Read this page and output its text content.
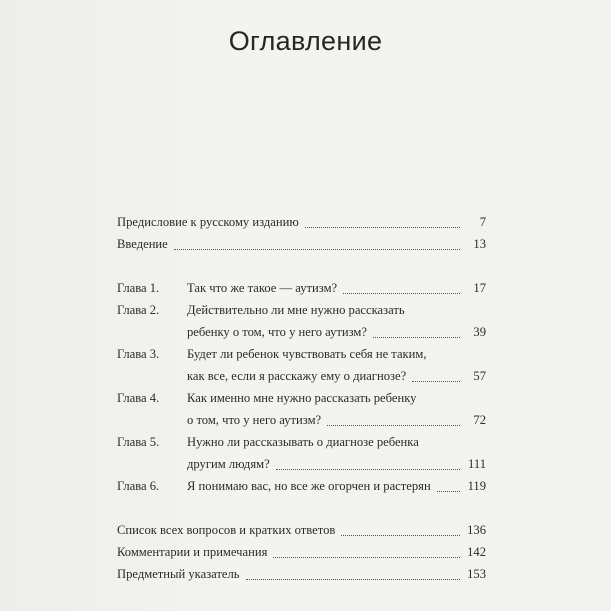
Оглавление
Предисловие к русскому изданию	7
Введение	13
Глава 1.	Так что же такое — аутизм?	17
Глава 2.	Действительно ли мне нужно рассказать
ребенку о том, что у него аутизм?	39
Глава 3.	Будет ли ребенок чувствовать себя не таким,
как все, если я расскажу ему о диагнозе?	57
Глава 4.	Как именно мне нужно рассказать ребенку
о том, что у него аутизм?	72
Глава 5.	Нужно ли рассказывать о диагнозе ребенка
другим людям?	111
Глава 6.	Я понимаю вас, но все же огорчен и растерян	119
Список всех вопросов и кратких ответов	136
Комментарии и примечания	142
Предметный указатель	153
